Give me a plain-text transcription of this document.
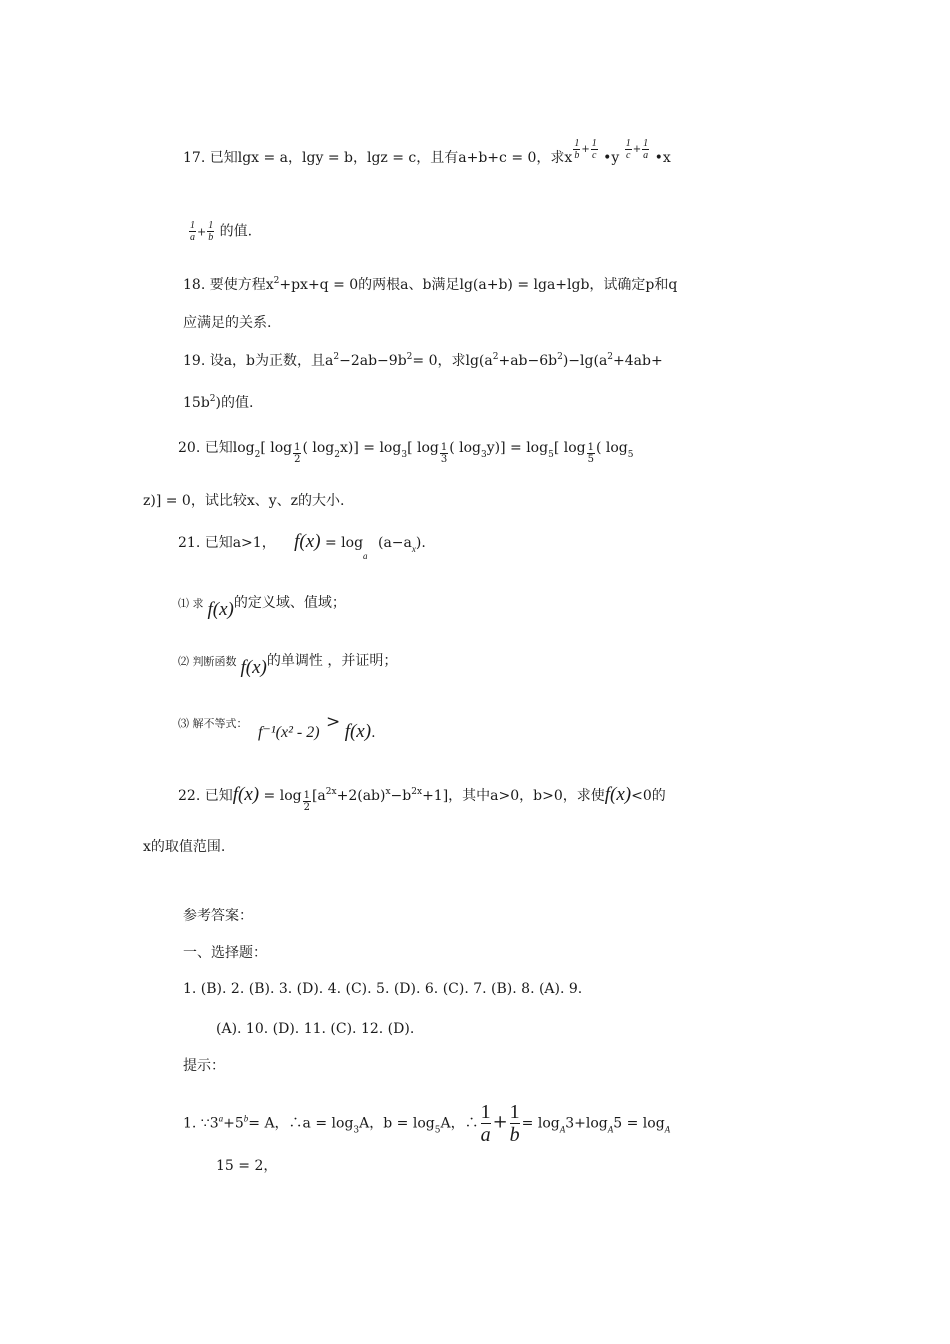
17. 已知lgx = a，lgy = b，lgz = c，且有a+b+c = 0，求x $\frac{1}{b} + \frac{1}{c}$ •y $\frac{1}{c} + \frac{1}{a}$ •x
$\frac{1}{a} + \frac{1}{b}$ 的值.
18. 要使方程$x^2+px+q = 0$的两根a、b满足lg(a+b) = lga+lgb，试确定p和q
应满足的关系.
19. 设a，b为正数，且$a^2-2ab-9b^2= 0$，求$\lg(a^2+ab-6b^2)-\lg(a^2+4ab+$
$15b^2$)的值.
20. 已知$\log_2$[ $\log \frac{1}{2}$ ( $\log_2x)] = \log_3$[ $\log \frac{1}{3}$ ( $\log_3y)] = \log_5$[ $\log \frac{1}{5}$ ( $\log_5$
z)] = 0，试比较x、y、z的大小.
21. 已知a>1， $f(x) = \log_a (a-a_x)$.
⑴ 求 f(x)的定义域、值域；
⑵ 判断函数 f(x)的单调性 ，并证明；
⑶ 解不等式： f⁻¹(x² - 2) > f(x).
22. 已知$f(x) = \log \frac{1}{2} [a^{2x}+2(ab)^x-b^{2x}+1]$，其中a>0，b>0，求使f(x)<0的
x的取值范围.
参考答案：
一、选择题：
1. (B). 2. (B). 3. (D). 4. (C). 5. (D). 6. (C). 7. (B). 8. (A). 9.
(A). 10. (D). 11. (C). 12. (D).
提示：
1. $\because 3^a+5^b= A$，∴a = $\log_3A$，$b = \log_5A$，∴ $\frac{1}{a} + \frac{1}{b} = \log_A3+\log_A5 = \log_A$
15 = 2，
